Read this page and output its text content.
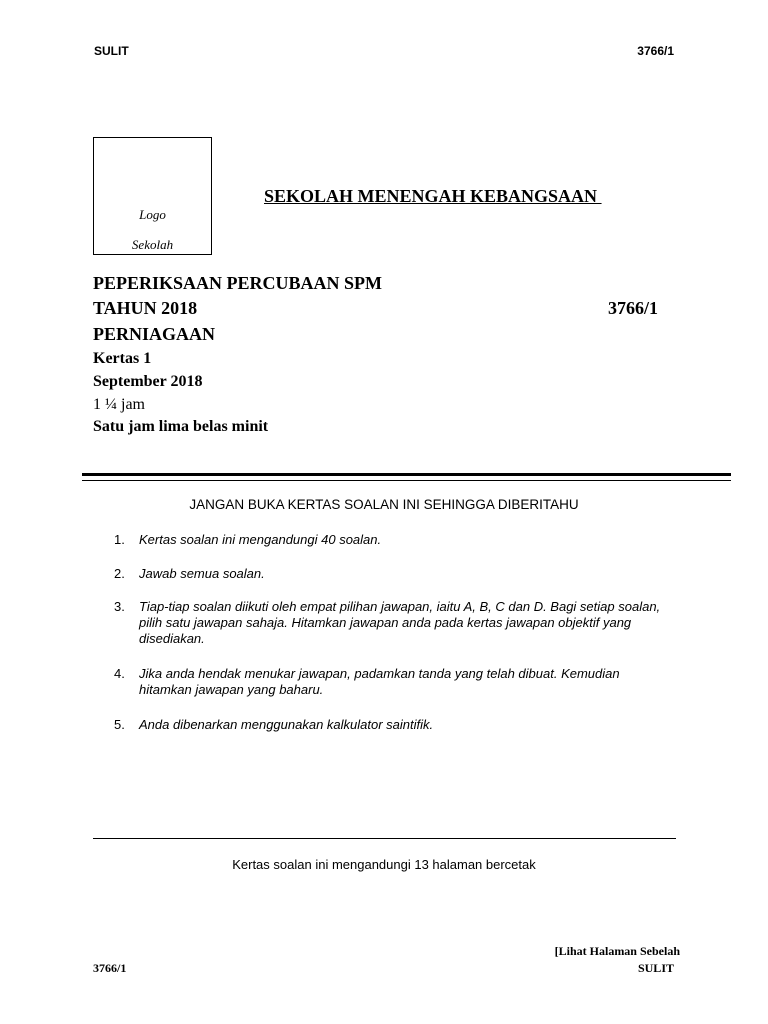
SULIT	3766/1
Logo
Sekolah
SEKOLAH MENENGAH KEBANGSAAN
PEPERIKSAAN PERCUBAAN SPM
TAHUN 2018	3766/1
PERNIAGAAN
Kertas 1
September 2018
1 ¼ jam
Satu jam lima belas minit
JANGAN BUKA KERTAS SOALAN INI SEHINGGA DIBERITAHU
1. Kertas soalan ini mengandungi 40 soalan.
2. Jawab semua soalan.
3. Tiap-tiap soalan diikuti oleh empat pilihan jawapan, iaitu A, B, C dan D. Bagi setiap soalan, pilih satu jawapan sahaja. Hitamkan jawapan anda pada kertas jawapan objektif yang disediakan.
4. Jika anda hendak menukar jawapan, padamkan tanda yang telah dibuat. Kemudian hitamkan jawapan yang baharu.
5. Anda dibenarkan menggunakan kalkulator saintifik.
Kertas soalan ini mengandungi 13 halaman bercetak
[Lihat Halaman Sebelah
SULIT
3766/1
